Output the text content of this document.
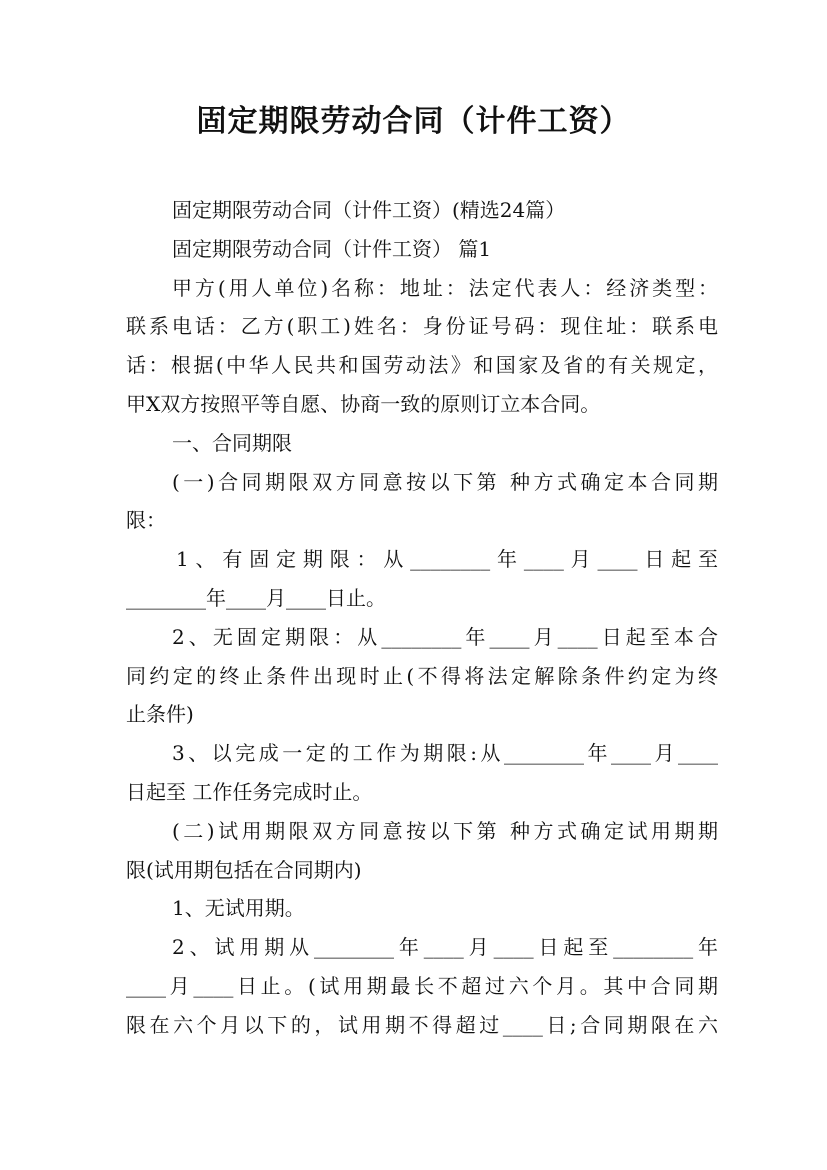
固定期限劳动合同（计件工资）
固定期限劳动合同（计件工资）(精选24篇）
固定期限劳动合同（计件工资） 篇1
甲方(用人单位)名称：地址：法定代表人：经济类型：
联系电话：乙方(职工)姓名：身份证号码：现住址：联系电
话：根据(中华人民共和国劳动法》和国家及省的有关规定，
甲X双方按照平等自愿、协商一致的原则订立本合同。
一、合同期限
(一)合同期限双方同意按以下第 种方式确定本合同期
限：
1、有固定期限：从________年____月____日起至
________年____月____日止。
2、无固定期限：从________年____月____日起至本合
同约定的终止条件出现时止(不得将法定解除条件约定为终
止条件)
3、以完成一定的工作为期限:从________年____月____
日起至 工作任务完成时止。
(二)试用期限双方同意按以下第 种方式确定试用期期
限(试用期包括在合同期内)
1、无试用期。
2、试用期从________年____月____日起至________年
____月____日止。(试用期最长不超过六个月。其中合同期
限在六个月以下的，试用期不得超过____日;合同期限在六
